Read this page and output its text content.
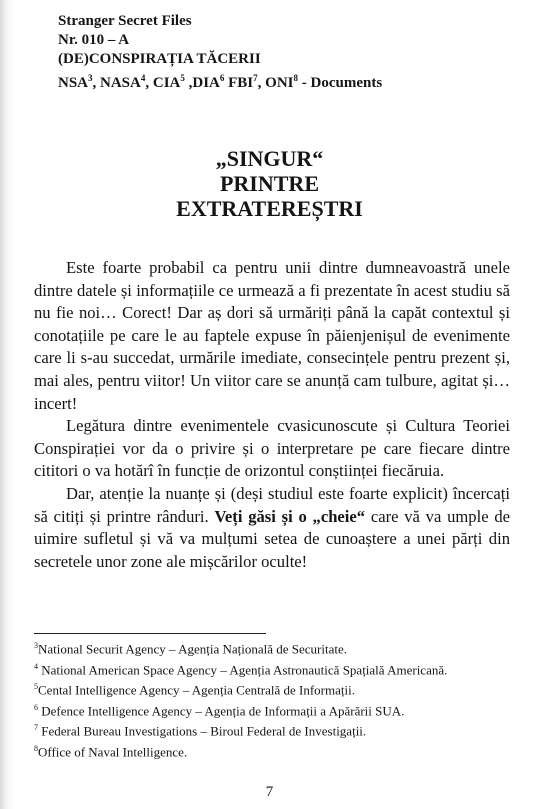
Stranger Secret Files
Nr. 010 – A
(DE)CONSPIRAȚIA TĂCERII
NSA$^3$, NASA$^4$, CIA$^5$ ,DIA$^6$ FBI$^7$, ONI$^8$ - Documents
„SINGUR“
PRINTRE
EXTRATEREȘTRI

Este foarte probabil ca pentru unii dintre dumneavoastră unele dintre datele și informațiile ce urmează a fi prezentate în acest studiu să nu fie noi… Corect! Dar aș dori să urmăriți până la capăt contextul și conotațiile pe care le au faptele expuse în păienjenișul de evenimente care li s-au succedat, urmările imediate, consecințele pentru prezent și, mai ales, pentru viitor! Un viitor care se anunță cam tulbure, agitat și… incert!

Legătura dintre evenimentele cvasicunoscute și Cultura Teoriei Conspirației vor da o privire și o interpretare pe care fiecare dintre cititori o va hotărî în funcție de orizontul conștiinței fiecăruia.

Dar, atenție la nuanțe și (deși studiul este foarte explicit) încercați să citiți și printre rânduri. Veți găsi și o „cheie“ care vă va umple de uimire sufletul și vă va mulțumi setea de cunoaștere a unei părți din secretele unor zone ale mișcărilor oculte!

$^3$National Securit Agency – Agenția Națională de Securitate.
$^4$ National American Space Agency – Agenția Astronautică Spațială Americană.
$^5$Cental Intelligence Agency – Agenția Centrală de Informații.
$^6$ Defence Intelligence Agency – Agenția de Informații a Apărării SUA.
$^7$ Federal Bureau Investigations – Biroul Federal de Investigații.
$^8$Office of Naval Intelligence.
7
